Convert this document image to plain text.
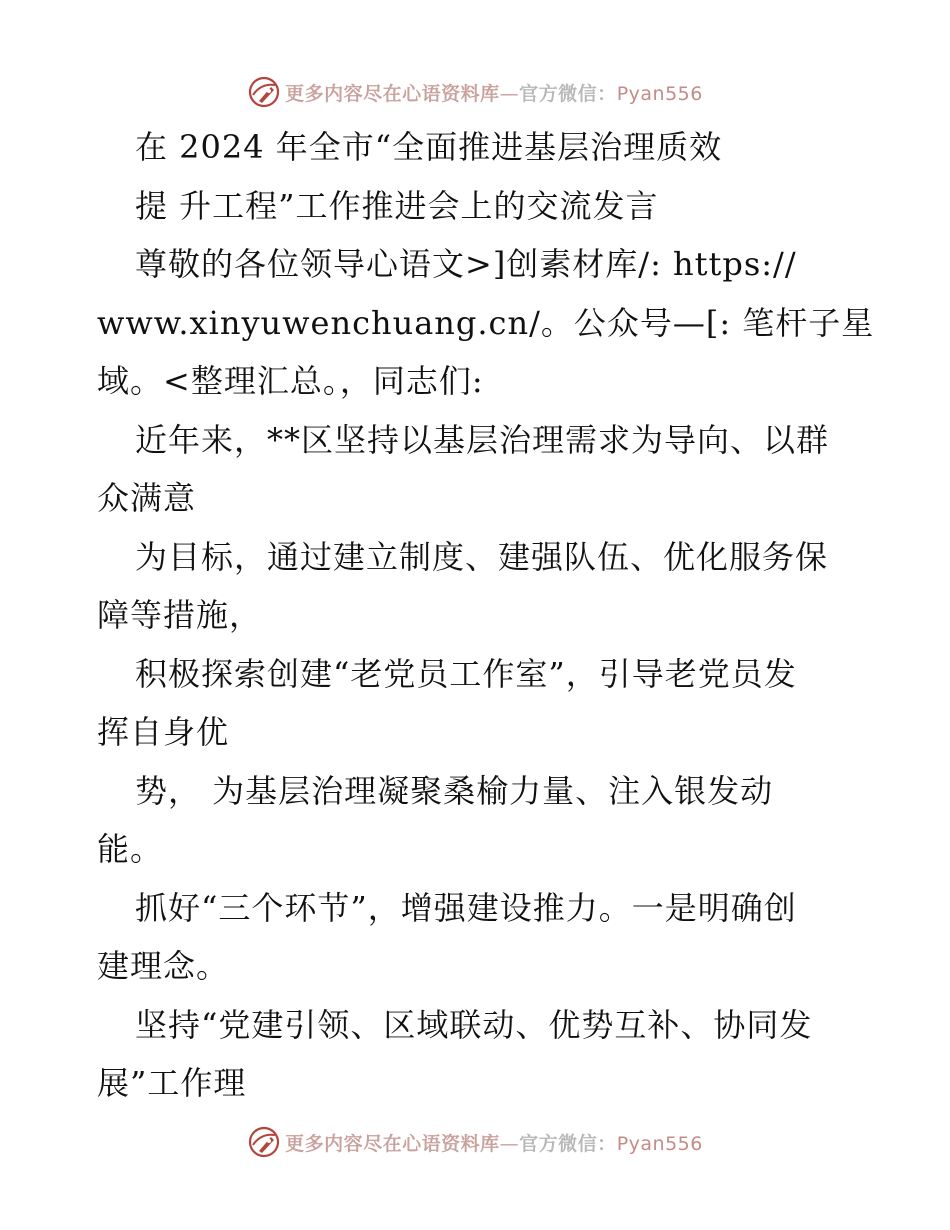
更多内容尽在心语资料库—官方微信：Pyan556
在 2024 年全市“全面推进基层治理质效
提 升工程”工作推进会上的交流发言
尊敬的各位领导心语文>]创素材库/: https://
www.xinyuwenchuang.cn/。公众号—[: 笔杆子星
域。<整理汇总。，同志们:
近年来，**区坚持以基层治理需求为导向、以群
众满意
为目标，通过建立制度、建强队伍、优化服务保
障等措施，
积极探索创建“老党员工作室”，引导老党员发
挥自身优
势， 为基层治理凝聚桑榆力量、注入银发动
能。
抓好“三个环节”，增强建设推力。一是明确创
建理念。
坚持“党建引领、区域联动、优势互补、协同发
展”工作理
更多内容尽在心语资料库—官方微信：Pyan556
